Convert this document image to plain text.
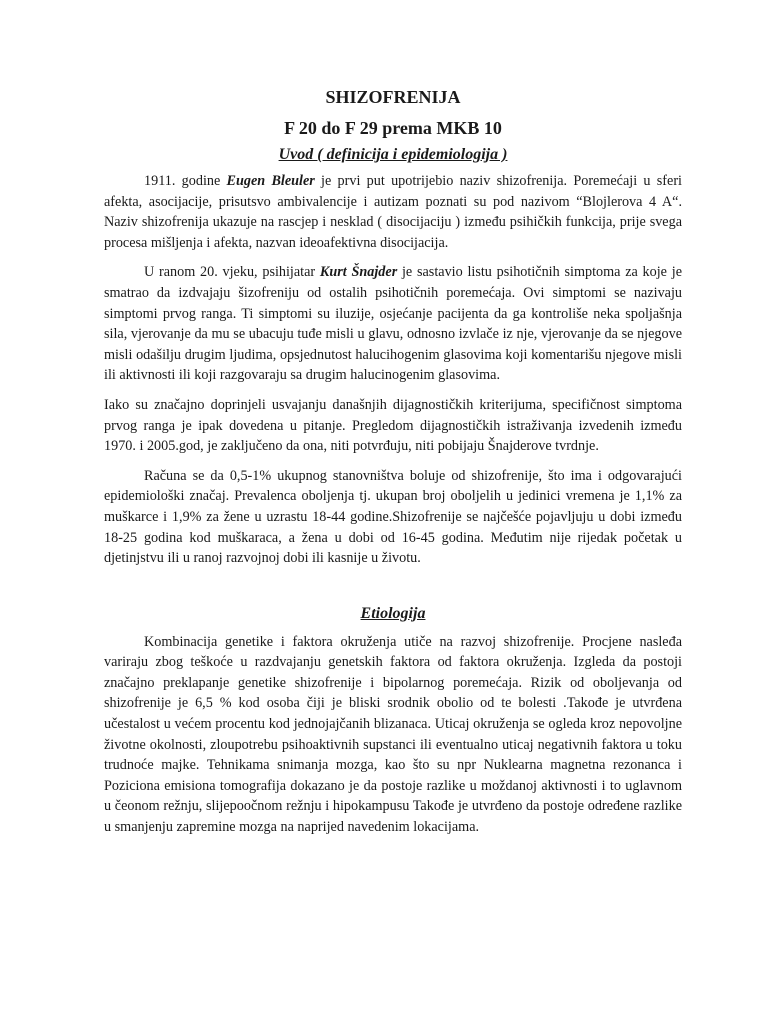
SHIZOFRENIJA
F 20 do F 29 prema MKB 10
Uvod ( definicija i epidemiologija )

1911. godine Eugen Bleuler je prvi put upotrijebio naziv shizofrenija. Poremećaji u sferi afekta, asocijacije, prisutsvo ambivalencije i autizam poznati su pod nazivom “Blojlerova 4 A“. Naziv shizofrenija ukazuje na rascjep i nesklad ( disocijaciju ) između psihičkih funkcija, prije svega procesa mišljenja i afekta, nazvan ideoafektivna disocijacija.

U ranom 20. vjeku, psihijatar Kurt Šnajder je sastavio listu psihotičnih simptoma za koje je smatrao da izdvajaju šizofreniju od ostalih psihotičnih poremećaja. Ovi simptomi se nazivaju simptomi prvog ranga. Ti simptomi su iluzije, osjećanje pacijenta da ga kontroliše neka spoljašnja sila, vjerovanje da mu se ubacuju tuđe misli u glavu, odnosno izvlače iz nje, vjerovanje da se njegove misli odašilju drugim ljudima, opsjednutost halucihogenim glasovima koji komentarišu njegove misli ili aktivnosti ili koji razgovaraju sa drugim halucinogenim glasovima.

Iako su značajno doprinjeli usvajanju današnjih dijagnostičkih kriterijuma, specifičnost simptoma prvog ranga je ipak dovedena u pitanje. Pregledom dijagnostičkih istraživanja izvedenih između 1970. i 2005.god, je zaključeno da ona, niti potvrđuju, niti pobijaju Šnajderove tvrdnje.

Računa se da 0,5-1% ukupnog stanovništva boluje od shizofrenije, što ima i odgovarajući epidemiološki značaj. Prevalenca oboljenja tj. ukupan broj oboljelih u jedinici vremena je 1,1% za muškarce i 1,9% za žene u uzrastu 18-44 godine.Shizofrenije se najčešće pojavljuju u dobi između 18-25 godina kod muškaraca, a žena u dobi od 16-45 godina. Međutim nije rijedak početak u djetinjstvu ili u ranoj razvojnoj dobi ili kasnije u životu.

Etiologija

Kombinacija genetike i faktora okruženja utiče na razvoj shizofrenije. Procjene nasleđa variraju zbog teškoće u razdvajanju genetskih faktora od faktora okruženja. Izgleda da postoji značajno preklapanje genetike shizofrenije i bipolarnog poremećaja. Rizik od obolјevanja od shizofrenije je 6,5 % kod osoba čiji je bliski srodnik obolio od te bolesti .Takođe je utvrđena učestalost u većem procentu kod jednojajčanih blizanaca. Uticaj okruženja se ogleda kroz nepovoljne životne okolnosti, zloupotrebu psihoaktivnih supstanci ili eventualno uticaj negativnih faktora u toku trudnoće majke. Tehnikama snimanja mozga, kao što su npr Nuklearna magnetna rezonanca i Poziciona emisiona tomografija dokazano je da postoje razlike u moždanoj aktivnosti i to uglavnom u čeonom režnju, slijepoočnom režnju i hipokampusu Takođe je utvrđeno da postoje određene razlike u smanjenju zapremine mozga na naprijed navedenim lokacijama.
